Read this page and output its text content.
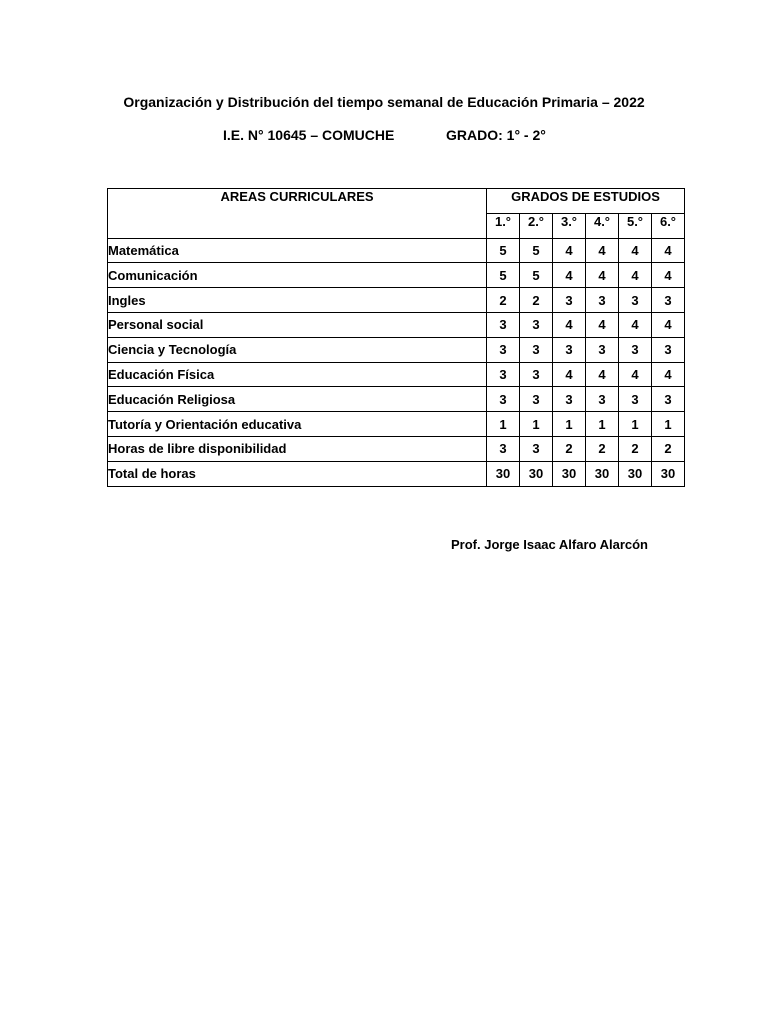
Organización y Distribución del tiempo semanal de Educación Primaria – 2022
I.E. N° 10645 – COMUCHE	GRADO: 1° - 2°
AREAS CURRICULARES	GRADOS DE ESTUDIOS					
	1.°	2.°	3.°	4.°	5.°	6.°
Matemática	5	5	4	4	4	4
Comunicación	5	5	4	4	4	4
Ingles	2	2	3	3	3	3
Personal social	3	3	4	4	4	4
Ciencia y Tecnología	3	3	3	3	3	3
Educación Física	3	3	4	4	4	4
Educación Religiosa	3	3	3	3	3	3
Tutoría y Orientación educativa	1	1	1	1	1	1
Horas de libre disponibilidad	3	3	2	2	2	2
Total de horas	30	30	30	30	30	30
Prof. Jorge Isaac Alfaro Alarcón
